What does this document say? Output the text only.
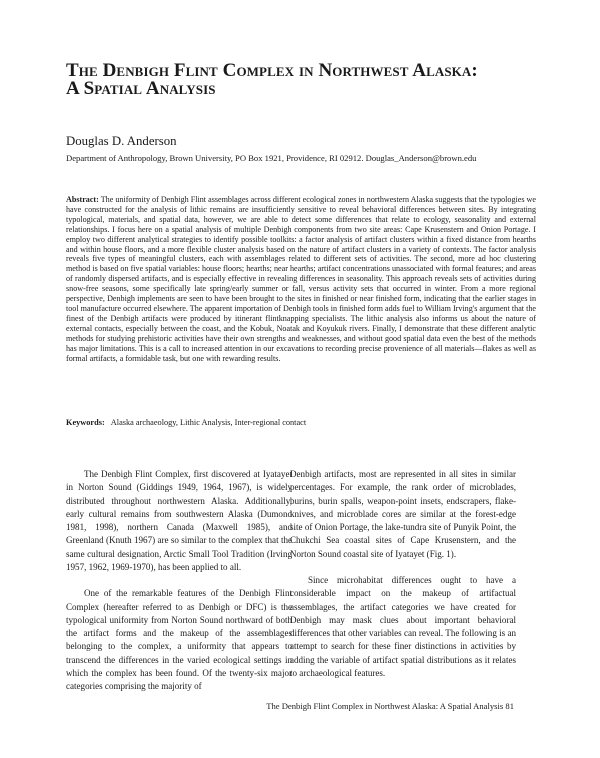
The Denbigh Flint Complex in Northwest Alaska:
A Spatial Analysis
Douglas D. Anderson
Department of Anthropology, Brown University, PO Box 1921, Providence, RI 02912. Douglas_Anderson@brown.edu

Abstract: The uniformity of Denbigh Flint assemblages across different ecological zones in northwestern Alaska suggests that the typologies we have constructed for the analysis of lithic remains are insufficiently sensitive to reveal behavioral differences between sites. By integrating typological, materials, and spatial data, however, we are able to detect some differences that relate to ecology, seasonality and external relationships. I focus here on a spatial analysis of multiple Denbigh components from two site areas: Cape Krusenstern and Onion Portage. I employ two different analytical strategies to identify possible toolkits: a factor analysis of artifact clusters within a fixed distance from hearths and within house floors, and a more flexible cluster analysis based on the nature of artifact clusters in a variety of contexts. The factor analysis reveals five types of meaningful clusters, each with assemblages related to different sets of activities. The second, more ad hoc clustering method is based on five spatial variables: house floors; hearths; near hearths; artifact concentrations unassociated with formal features; and areas of randomly dispersed artifacts, and is especially effective in revealing differences in seasonality. This approach reveals sets of activities during snow-free seasons, some specifically late spring/early summer or fall, versus activity sets that occurred in winter. From a more regional perspective, Denbigh implements are seen to have been brought to the sites in finished or near finished form, indicating that the earlier stages in tool manufacture occurred elsewhere. The apparent importation of Denbigh tools in finished form adds fuel to William Irving's argument that the finest of the Denbigh artifacts were produced by itinerant flintknapping specialists. The lithic analysis also informs us about the nature of external contacts, especially between the coast, and the Kobuk, Noatak and Koyukuk rivers. Finally, I demonstrate that these different analytic methods for studying prehistoric activities have their own strengths and weaknesses, and without good spatial data even the best of the methods has major limitations. This is a call to increased attention in our excavations to recording precise provenience of all materials—flakes as well as formal artifacts, a formidable task, but one with rewarding results.

Keywords: Alaska archaeology, Lithic Analysis, Inter-regional contact

The Denbigh Flint Complex, first discovered at Iyatayet in Norton Sound (Giddings 1949, 1964, 1967), is widely distributed throughout northwestern Alaska. Additionally, early cultural remains from southwestern Alaska (Dumond 1981, 1998), northern Canada (Maxwell 1985), and Greenland (Knuth 1967) are so similar to the complex that the same cultural designation, Arctic Small Tool Tradition (Irving 1957, 1962, 1969-1970), has been applied to all.

One of the remarkable features of the Denbigh Flint Complex (hereafter referred to as Denbigh or DFC) is the typological uniformity from Norton Sound northward of both the artifact forms and the makeup of the assemblages belonging to the complex, a uniformity that appears to transcend the differences in the varied ecological settings in which the complex has been found. Of the twenty-six major categories comprising the majority of

Denbigh artifacts, most are represented in all sites in similar percentages. For example, the rank order of microblades, burins, burin spalls, weapon-point insets, endscrapers, flake-knives, and microblade cores are similar at the forest-edge site of Onion Portage, the lake-tundra site of Punyik Point, the Chukchi Sea coastal sites of Cape Krusenstern, and the Norton Sound coastal site of Iyatayet (Fig. 1).

Since microhabitat differences ought to have a considerable impact on the makeup of artifactual assemblages, the artifact categories we have created for Denbigh may mask clues about important behavioral differences that other variables can reveal. The following is an attempt to search for these finer distinctions in activities by adding the variable of artifact spatial distributions as it relates to archaeological features.

The Denbigh Flint Complex in Northwest Alaska: A Spatial Analysis 81
